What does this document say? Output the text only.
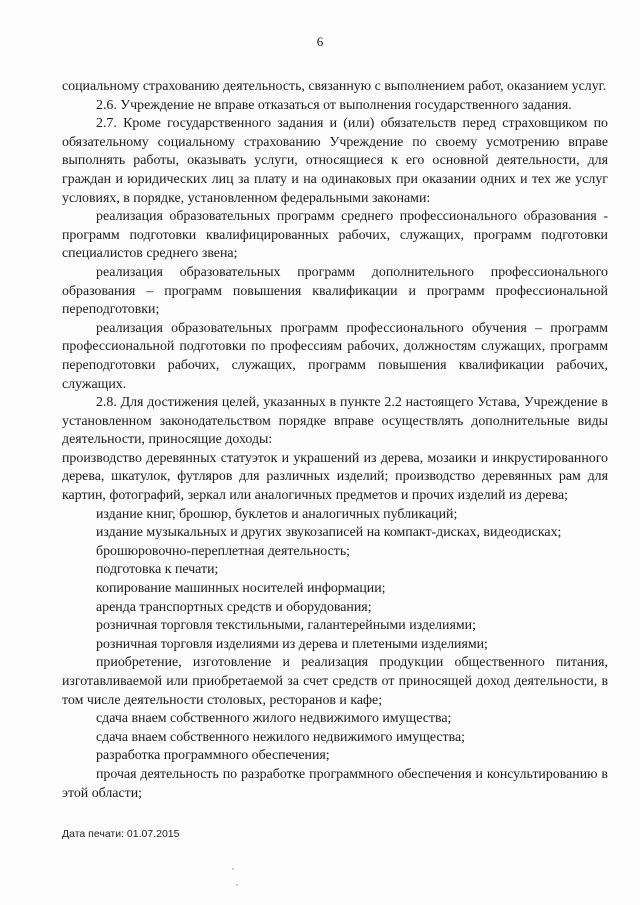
6

социальному страхованию деятельность, связанную с выполнением работ, оказанием услуг.

2.6. Учреждение не вправе отказаться от выполнения государственного задания.

2.7. Кроме государственного задания и (или) обязательств перед страховщиком по обязательному социальному страхованию Учреждение по своему усмотрению вправе выполнять работы, оказывать услуги, относящиеся к его основной деятельности, для граждан и юридических лиц за плату и на одинаковых при оказании одних и тех же услуг условиях, в порядке, установленном федеральными законами:

реализация образовательных программ среднего профессионального образования - программ подготовки квалифицированных рабочих, служащих, программ подготовки специалистов среднего звена;

реализация образовательных программ дополнительного профессионального образования – программ повышения квалификации и программ профессиональной переподготовки;

реализация образовательных программ профессионального обучения – программ профессиональной подготовки по профессиям рабочих, должностям служащих, программ переподготовки рабочих, служащих, программ повышения квалификации рабочих, служащих.

2.8. Для достижения целей, указанных в пункте 2.2 настоящего Устава, Учреждение в установленном законодательством порядке вправе осуществлять дополнительные виды деятельности, приносящие доходы:

производство деревянных статуэток и украшений из дерева, мозаики и инкрустированного дерева, шкатулок, футляров для различных изделий; производство деревянных рам для картин, фотографий, зеркал или аналогичных предметов и прочих изделий из дерева;

издание книг, брошюр, буклетов и аналогичных публикаций;

издание музыкальных и других звукозаписей на компакт-дисках, видеодисках;

брошюровочно-переплетная деятельность;

подготовка к печати;

копирование машинных носителей информации;

аренда транспортных средств и оборудования;

розничная торговля текстильными, галантерейными изделиями;

розничная торговля изделиями из дерева и плетеными изделиями;

приобретение, изготовление и реализация продукции общественного питания, изготавливаемой или приобретаемой за счет средств от приносящей доход деятельности, в том числе деятельности столовых, ресторанов и кафе;

сдача внаем собственного жилого недвижимого имущества;

сдача внаем собственного нежилого недвижимого имущества;

разработка программного обеспечения;

прочая деятельность по разработке программного обеспечения и консультированию в этой области;

Дата печати: 01.07.2015
